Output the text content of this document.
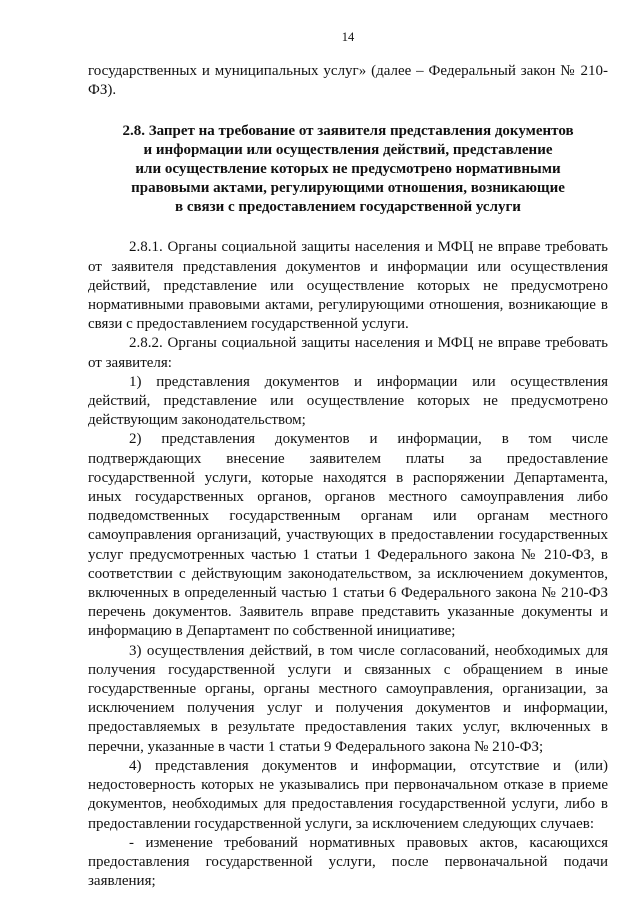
14

государственных и муниципальных услуг» (далее – Федеральный закон № 210-ФЗ).

2.8. Запрет на требование от заявителя представления документов
и информации или осуществления действий, представление
или осуществление которых не предусмотрено нормативными
правовыми актами, регулирующими отношения, возникающие
в связи с предоставлением государственной услуги

2.8.1. Органы социальной защиты населения и МФЦ не вправе требовать от заявителя представления документов и информации или осуществления действий, представление или осуществление которых не предусмотрено нормативными правовыми актами, регулирующими отношения, возникающие в связи с предоставлением государственной услуги.

2.8.2. Органы социальной защиты населения и МФЦ не вправе требовать от заявителя:

1) представления документов и информации или осуществления действий, представление или осуществление которых не предусмотрено действующим законодательством;

2) представления документов и информации, в том числе подтверждающих внесение заявителем платы за предоставление государственной услуги, которые находятся в распоряжении Департамента, иных государственных органов, органов местного самоуправления либо подведомственных государственным органам или органам местного самоуправления организаций, участвующих в предоставлении государственных услуг предусмотренных частью 1 статьи 1 Федерального закона № 210-ФЗ, в соответствии с действующим законодательством, за исключением документов, включенных в определенный частью 1 статьи 6 Федерального закона № 210-ФЗ перечень документов. Заявитель вправе представить указанные документы и информацию в Департамент по собственной инициативе;

3) осуществления действий, в том числе согласований, необходимых для получения государственной услуги и связанных с обращением в иные государственные органы, органы местного самоуправления, организации, за исключением получения услуг и получения документов и информации, предоставляемых в результате предоставления таких услуг, включенных в перечни, указанные в части 1 статьи 9 Федерального закона № 210-ФЗ;

4) представления документов и информации, отсутствие и (или) недостоверность которых не указывались при первоначальном отказе в приеме документов, необходимых для предоставления государственной услуги, либо в предоставлении государственной услуги, за исключением следующих случаев:

- изменение требований нормативных правовых актов, касающихся предоставления государственной услуги, после первоначальной подачи заявления;
